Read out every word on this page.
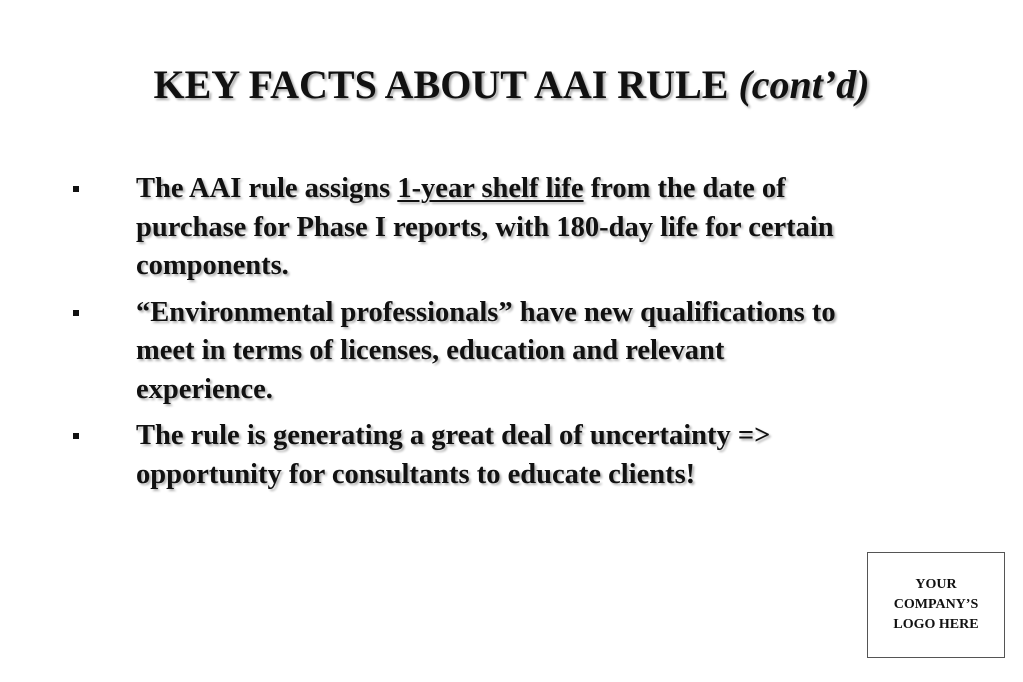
KEY FACTS ABOUT AAI RULE (cont’d)
The AAI rule assigns 1-year shelf life from the date of purchase for Phase I reports, with 180-day life for certain components.
“Environmental professionals” have new qualifications to meet in terms of licenses, education and relevant experience.
The rule is generating a great deal of uncertainty => opportunity for consultants to educate clients!
YOUR
COMPANY’S
LOGO HERE
